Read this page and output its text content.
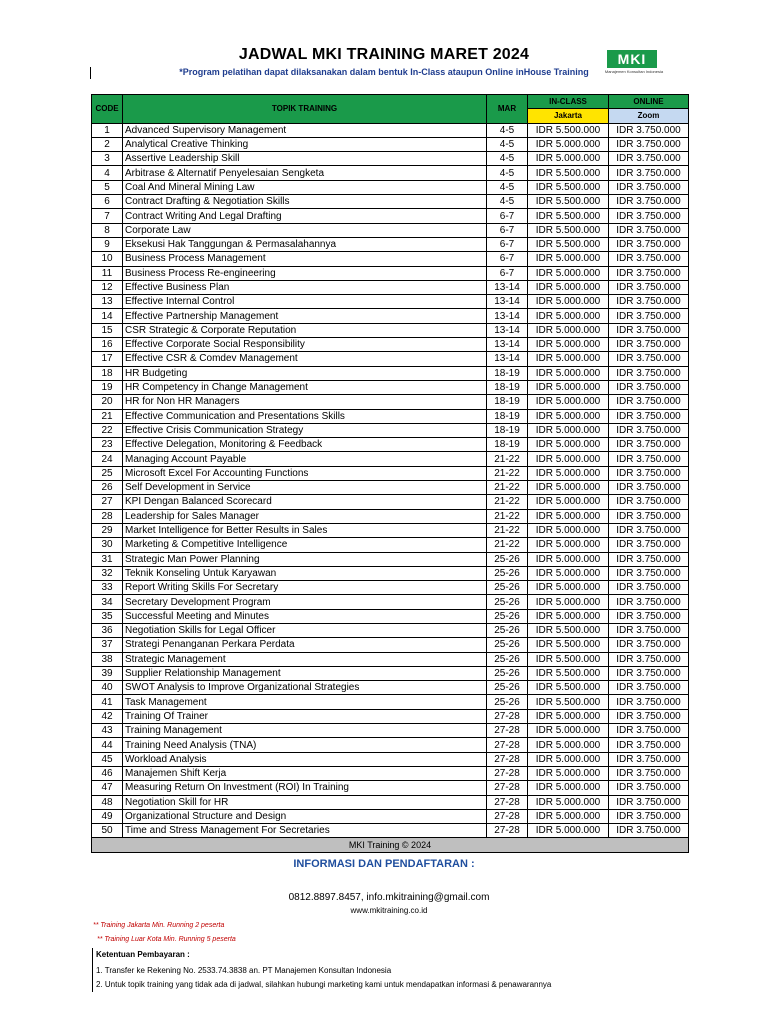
JADWAL MKI TRAINING MARET 2024
*Program pelatihan dapat dilaksanakan dalam bentuk In-Class ataupun Online inHouse Training
MKI
Manajemen Konsultan Indonesia
CODE	TOPIK TRAINING	MAR	IN-CLASS	ONLINE
			Jakarta	Zoom
1	Advanced Supervisory Management	4-5	IDR 5.500.000	IDR 3.750.000
2	Analytical Creative Thinking	4-5	IDR 5.000.000	IDR 3.750.000
3	Assertive Leadership Skill	4-5	IDR 5.000.000	IDR 3.750.000
4	Arbitrase & Alternatif Penyelesaian Sengketa	4-5	IDR 5.500.000	IDR 3.750.000
5	Coal And Mineral Mining Law	4-5	IDR 5.500.000	IDR 3.750.000
6	Contract Drafting & Negotiation Skills	4-5	IDR 5.500.000	IDR 3.750.000
7	Contract Writing And Legal Drafting	6-7	IDR 5.500.000	IDR 3.750.000
8	Corporate Law	6-7	IDR 5.500.000	IDR 3.750.000
9	Eksekusi Hak Tanggungan & Permasalahannya	6-7	IDR 5.500.000	IDR 3.750.000
10	Business Process Management	6-7	IDR 5.000.000	IDR 3.750.000
11	Business Process Re-engineering	6-7	IDR 5.000.000	IDR 3.750.000
12	Effective Business Plan	13-14	IDR 5.000.000	IDR 3.750.000
13	Effective Internal Control	13-14	IDR 5.000.000	IDR 3.750.000
14	Effective Partnership Management	13-14	IDR 5.000.000	IDR 3.750.000
15	CSR Strategic & Corporate Reputation	13-14	IDR 5.000.000	IDR 3.750.000
16	Effective Corporate Social Responsibility	13-14	IDR 5.000.000	IDR 3.750.000
17	Effective CSR & Comdev Management	13-14	IDR 5.000.000	IDR 3.750.000
18	HR Budgeting	18-19	IDR 5.000.000	IDR 3.750.000
19	HR Competency in Change Management	18-19	IDR 5.000.000	IDR 3.750.000
20	HR for Non HR Managers	18-19	IDR 5.000.000	IDR 3.750.000
21	Effective Communication and Presentations Skills	18-19	IDR 5.000.000	IDR 3.750.000
22	Effective Crisis Communication Strategy	18-19	IDR 5.000.000	IDR 3.750.000
23	Effective Delegation, Monitoring & Feedback	18-19	IDR 5.000.000	IDR 3.750.000
24	Managing Account Payable	21-22	IDR 5.000.000	IDR 3.750.000
25	Microsoft Excel For Accounting Functions	21-22	IDR 5.000.000	IDR 3.750.000
26	Self Development in Service	21-22	IDR 5.000.000	IDR 3.750.000
27	KPI Dengan Balanced Scorecard	21-22	IDR 5.000.000	IDR 3.750.000
28	Leadership for Sales Manager	21-22	IDR 5.000.000	IDR 3.750.000
29	Market Intelligence for Better Results in Sales	21-22	IDR 5.000.000	IDR 3.750.000
30	Marketing & Competitive Intelligence	21-22	IDR 5.000.000	IDR 3.750.000
31	Strategic Man Power Planning	25-26	IDR 5.000.000	IDR 3.750.000
32	Teknik Konseling Untuk Karyawan	25-26	IDR 5.000.000	IDR 3.750.000
33	Report Writing Skills For Secretary	25-26	IDR 5.000.000	IDR 3.750.000
34	Secretary Development Program	25-26	IDR 5.000.000	IDR 3.750.000
35	Successful Meeting and Minutes	25-26	IDR 5.000.000	IDR 3.750.000
36	Negotiation Skills for Legal Officer	25-26	IDR 5.500.000	IDR 3.750.000
37	Strategi Penanganan Perkara Perdata	25-26	IDR 5.500.000	IDR 3.750.000
38	Strategic Management	25-26	IDR 5.500.000	IDR 3.750.000
39	Supplier Relationship Management	25-26	IDR 5.500.000	IDR 3.750.000
40	SWOT Analysis to Improve Organizational Strategies	25-26	IDR 5.500.000	IDR 3.750.000
41	Task Management	25-26	IDR 5.500.000	IDR 3.750.000
42	Training Of Trainer	27-28	IDR 5.000.000	IDR 3.750.000
43	Training Management	27-28	IDR 5.000.000	IDR 3.750.000
44	Training Need Analysis (TNA)	27-28	IDR 5.000.000	IDR 3.750.000
45	Workload Analysis	27-28	IDR 5.000.000	IDR 3.750.000
46	Manajemen Shift Kerja	27-28	IDR 5.000.000	IDR 3.750.000
47	Measuring Return On Investment (ROI) In Training	27-28	IDR 5.000.000	IDR 3.750.000
48	Negotiation Skill for HR	27-28	IDR 5.000.000	IDR 3.750.000
49	Organizational Structure and Design	27-28	IDR 5.000.000	IDR 3.750.000
50	Time and Stress Management For Secretaries	27-28	IDR 5.000.000	IDR 3.750.000
MKI Training © 2024				
INFORMASI DAN PENDAFTARAN :
0812.8897.8457, info.mkitraining@gmail.com
www.mkitraining.co.id
** Training Jakarta Min. Running 2 peserta
** Training Luar Kota Min. Running 5 peserta
Ketentuan Pembayaran :
1. Transfer ke Rekening No. 2533.74.3838 an. PT Manajemen Konsultan Indonesia
2. Untuk topik training yang tidak ada di jadwal, silahkan hubungi marketing kami untuk mendapatkan informasi & penawarannya
